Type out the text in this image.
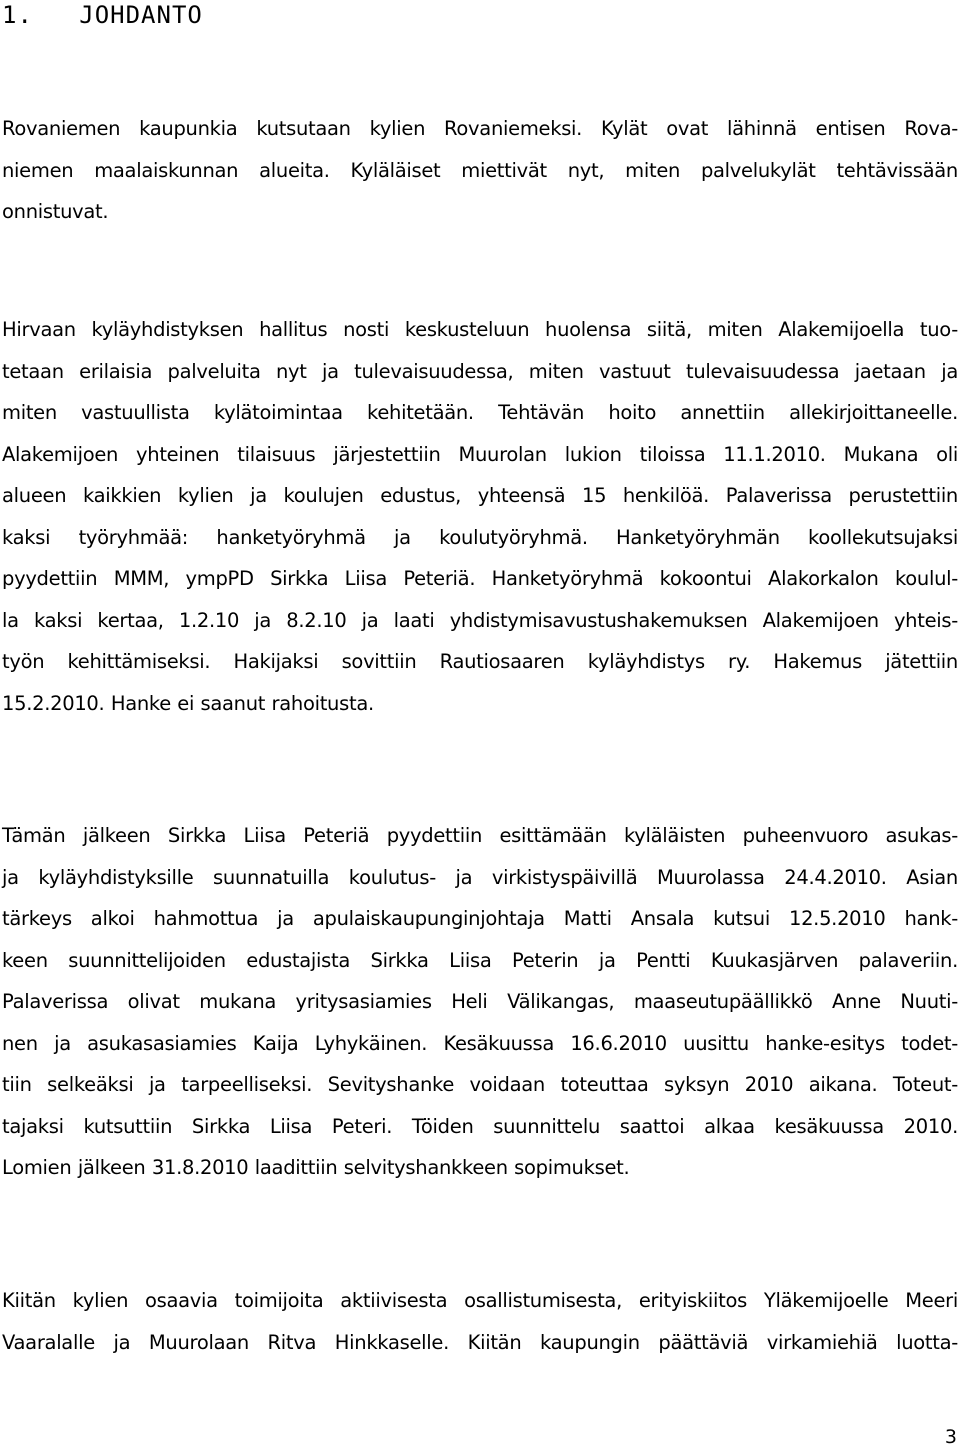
1.   JOHDANTO
Rovaniemen kaupunkia kutsutaan kylien Rovaniemeksi. Kylät ovat lähinnä entisen Rova-
niemen maalaiskunnan alueita. Kyläläiset miettivät nyt, miten palvelukylät tehtävissään
onnistuvat.
Hirvaan kyläyhdistyksen hallitus nosti keskusteluun huolensa siitä, miten Alakemijoella tuo-
tetaan erilaisia palveluita nyt ja tulevaisuudessa, miten vastuut tulevaisuudessa jaetaan ja
miten vastuullista kylätoimintaa kehitetään. Tehtävän hoito annettiin allekirjoittaneelle.
Alakemijoen yhteinen tilaisuus järjestettiin Muurolan lukion tiloissa 11.1.2010. Mukana oli
alueen kaikkien kylien ja koulujen edustus, yhteensä 15 henkilöä. Palaverissa perustettiin
kaksi työryhmää: hanketyöryhmä ja koulutyöryhmä. Hanketyöryhmän koollekutsujaksi
pyydettiin MMM, ympPD Sirkka Liisa Peteriä. Hanketyöryhmä kokoontui Alakorkalon koulul-
la kaksi kertaa, 1.2.10 ja 8.2.10 ja laati yhdistymisavustushakemuksen Alakemijoen yhteis-
työn kehittämiseksi. Hakijaksi sovittiin Rautiosaaren kyläyhdistys ry. Hakemus jätettiin
15.2.2010. Hanke ei saanut rahoitusta.
Tämän jälkeen Sirkka Liisa Peteriä pyydettiin esittämään kyläläisten puheenvuoro asukas-
ja kyläyhdistyksille suunnatuilla koulutus- ja virkistyspäivillä Muurolassa 24.4.2010. Asian
tärkeys alkoi hahmottua ja apulaiskaupunginjohtaja Matti Ansala kutsui 12.5.2010 hank-
keen suunnittelijoiden edustajista Sirkka Liisa Peterin ja Pentti Kuukasjärven palaveriin.
Palaverissa olivat mukana yritysasiamies Heli Välikangas, maaseutupäällikkö Anne Nuuti-
nen ja asukasasiamies Kaija Lyhykäinen. Kesäkuussa 16.6.2010 uusittu hanke-esitys todet-
tiin selkeäksi ja tarpeelliseksi. Sevityshanke voidaan toteuttaa syksyn 2010 aikana. Toteut-
tajaksi kutsuttiin Sirkka Liisa Peteri. Töiden suunnittelu saattoi alkaa kesäkuussa 2010.
Lomien jälkeen 31.8.2010 laadittiin selvityshankkeen sopimukset.
Kiitän kylien osaavia toimijoita aktiivisesta osallistumisesta, erityiskiitos Yläkemijoelle Meeri
Vaaralalle ja Muurolaan Ritva Hinkkaselle. Kiitän kaupungin päättäviä virkamiehiä luotta-
3
